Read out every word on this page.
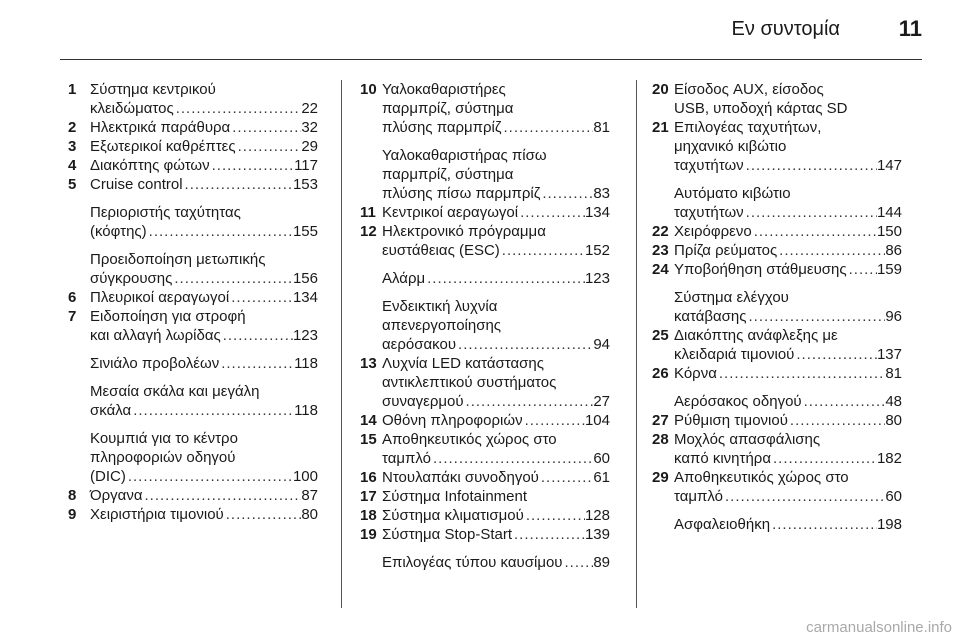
Εν συντομία	11
1 Σύστημα κεντρικού
κλειδώματος .....	22
2 Ηλεκτρικά παράθυρα .....	32
3 Εξωτερικοί καθρέπτες .....	29
4 Διακόπτης φώτων .....	117
5 Cruise control .....	153
Περιοριστής ταχύτητας
(κόφτης) .....	155
Προειδοποίηση μετωπικής
σύγκρουσης .....	156
6 Πλευρικοί αεραγωγοί .....	134
7 Ειδοποίηση για στροφή
και αλλαγή λωρίδας .....	123
Σινιάλο προβολέων .....	118
Μεσαία σκάλα και μεγάλη
σκάλα .....	118
Κουμπιά για το κέντρο
πληροφοριών οδηγού
(DIC) .....	100
8 Όργανα .....	87
9 Χειριστήρια τιμονιού .....	80
10 Υαλοκαθαριστήρες
παρμπρίζ, σύστημα
πλύσης παρμπρίζ .....	81
Υαλοκαθαριστήρας πίσω
παρμπρίζ, σύστημα
πλύσης πίσω παρμπρίζ .....	83
11 Κεντρικοί αεραγωγοί .....	134
12 Ηλεκτρονικό πρόγραμμα
ευστάθειας (ESC) .....	152
Αλάρμ .....	123
Ενδεικτική λυχνία
απενεργοποίησης
αερόσακου .....	94
13 Λυχνία LED κατάστασης
αντικλεπτικού συστήματος
συναγερμού .....	27
14 Οθόνη πληροφοριών .....	104
15 Αποθηκευτικός χώρος στο
ταμπλό .....	60
16 Ντουλαπάκι συνοδηγού .....	61
17 Σύστημα Infotainment
18 Σύστημα κλιματισμού .....	128
19 Σύστημα Stop-Start .....	139
Επιλογέας τύπου καυσίμου ..... 89
20 Είσοδος AUX, είσοδος
USB, υποδοχή κάρτας SD
21 Επιλογέας ταχυτήτων,
μηχανικό κιβώτιο
ταχυτήτων .....	147
Αυτόματο κιβώτιο
ταχυτήτων .....	144
22 Χειρόφρενο .....	150
23 Πρίζα ρεύματος .....	86
24 Υποβοήθηση στάθμευσης ..... 159
Σύστημα ελέγχου
κατάβασης .....	96
25 Διακόπτης ανάφλεξης με
κλειδαριά τιμονιού .....	137
26 Κόρνα .....	81
Αερόσακος οδηγού .....	48
27 Ρύθμιση τιμονιού .....	80
28 Μοχλός απασφάλισης
καπό κινητήρα .....	182
29 Αποθηκευτικός χώρος στο
ταμπλό .....	60
Ασφαλειοθήκη .....	198
carmanualsonline.info
